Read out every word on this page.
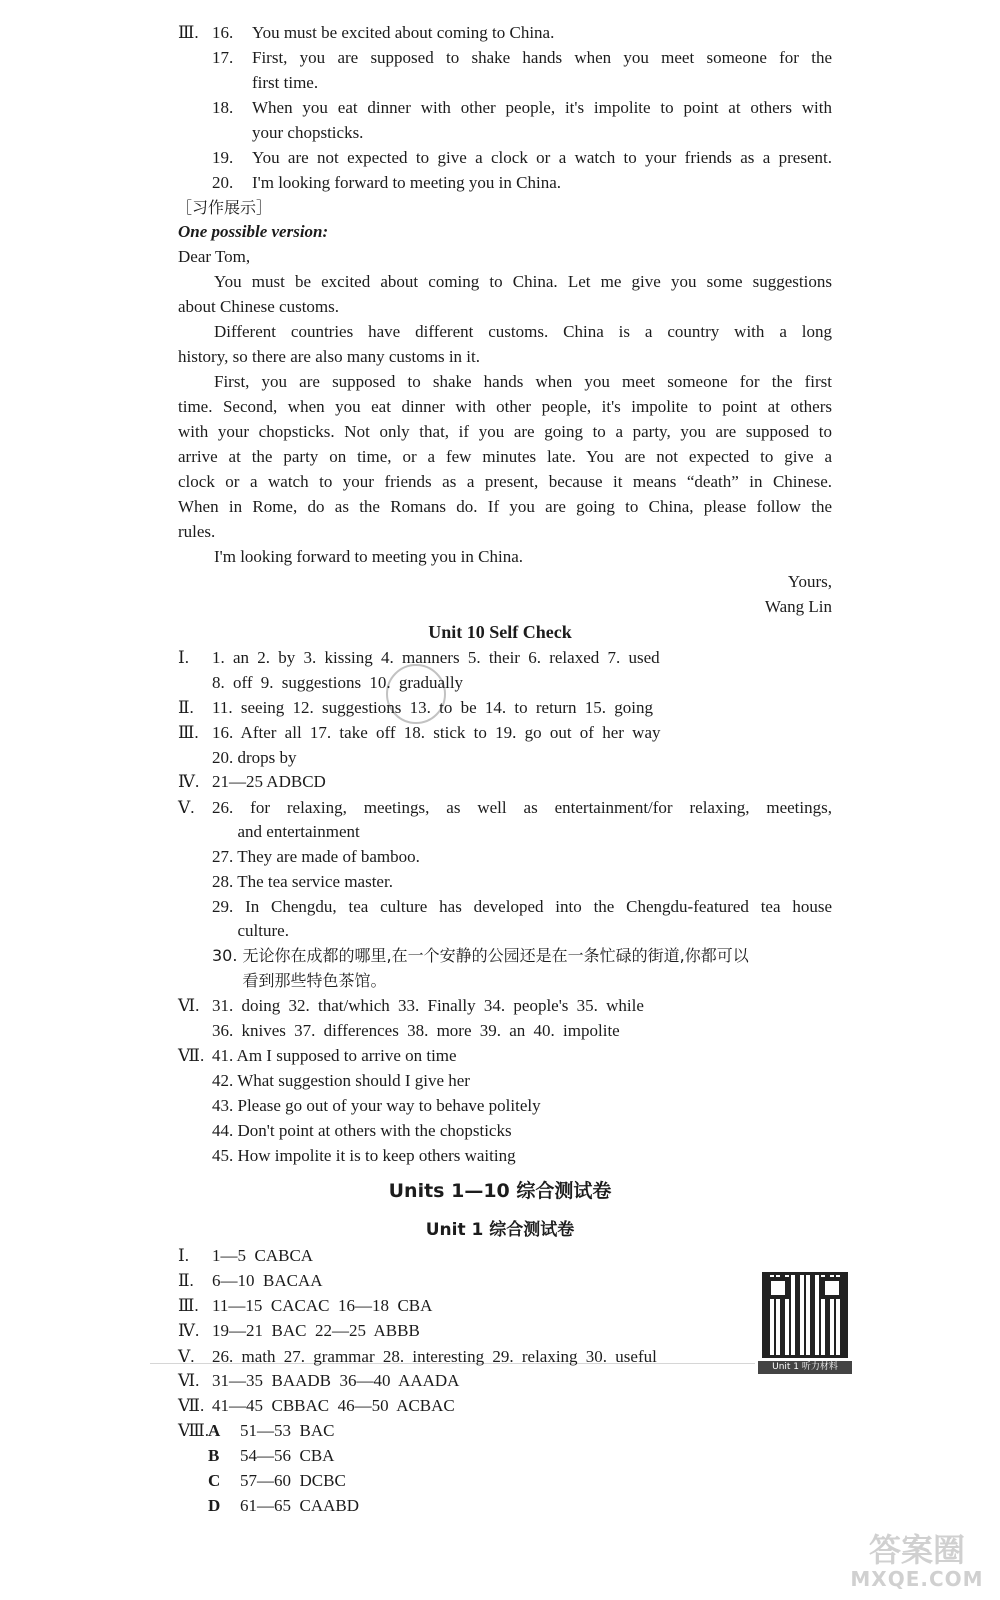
Ⅲ. 16. You must be excited about coming to China.
17. First, you are supposed to shake hands when you meet someone for the
first time.
18. When you eat dinner with other people, it's impolite to point at others with
your chopsticks.
19. You are not expected to give a clock or a watch to your friends as a present.
20. I'm looking forward to meeting you in China.
［习作展示］
One possible version:
Dear Tom,
You must be excited about coming to China. Let me give you some suggestions
about Chinese customs.
Different countries have different customs. China is a country with a long
history, so there are also many customs in it.
First, you are supposed to shake hands when you meet someone for the first
time. Second, when you eat dinner with other people, it's impolite to point at others
with your chopsticks. Not only that, if you are going to a party, you are supposed to
arrive at the party on time, or a few minutes late. You are not expected to give a
clock or a watch to your friends as a present, because it means “death” in Chinese.
When in Rome, do as the Romans do. If you are going to China, please follow the
rules.
I'm looking forward to meeting you in China.
Yours,
Wang Lin
Unit 10 Self Check
Ⅰ. 1. an 2. by 3. kissing 4. manners 5. their 6. relaxed 7. used
8. off 9. suggestions 10. gradually
Ⅱ. 11. seeing 12. suggestions 13. to be 14. to return 15. going
Ⅲ. 16. After all 17. take off 18. stick to 19. go out of her way
20. drops by
Ⅳ. 21—25 ADBCD
Ⅴ. 26. for relaxing, meetings, as well as entertainment/for relaxing, meetings,
and entertainment
27. They are made of bamboo.
28. The tea service master.
29. In Chengdu, tea culture has developed into the Chengdu-featured tea house
culture.
30. 无论你在成都的哪里,在一个安静的公园还是在一条忙碌的街道,你都可以
看到那些特色茶馆。
Ⅵ. 31. doing 32. that/which 33. Finally 34. people's 35. while
36. knives 37. differences 38. more 39. an 40. impolite
Ⅶ. 41. Am I supposed to arrive on time
42. What suggestion should I give her
43. Please go out of your way to behave politely
44. Don't point at others with the chopsticks
45. How impolite it is to keep others waiting
Units 1—10 综合测试卷
Unit 1 综合测试卷
Unit 1 听力材料
Ⅰ. 1—5  CABCA
Ⅱ. 6—10  BACAA
Ⅲ. 11—15  CACAC  16—18  CBA
Ⅳ. 19—21  BAC  22—25  ABBB
Ⅴ. 26. math 27. grammar 28. interesting 29. relaxing 30. useful
Ⅵ. 31—35  BAADB  36—40  AAADA
Ⅶ. 41—45  CBBAC  46—50  ACBAC
Ⅷ.
A 51—53  BAC
B 54—56  CBA
C 57—60  DCBC
D 61—65  CAABD
答案圈
MXQE.COM
